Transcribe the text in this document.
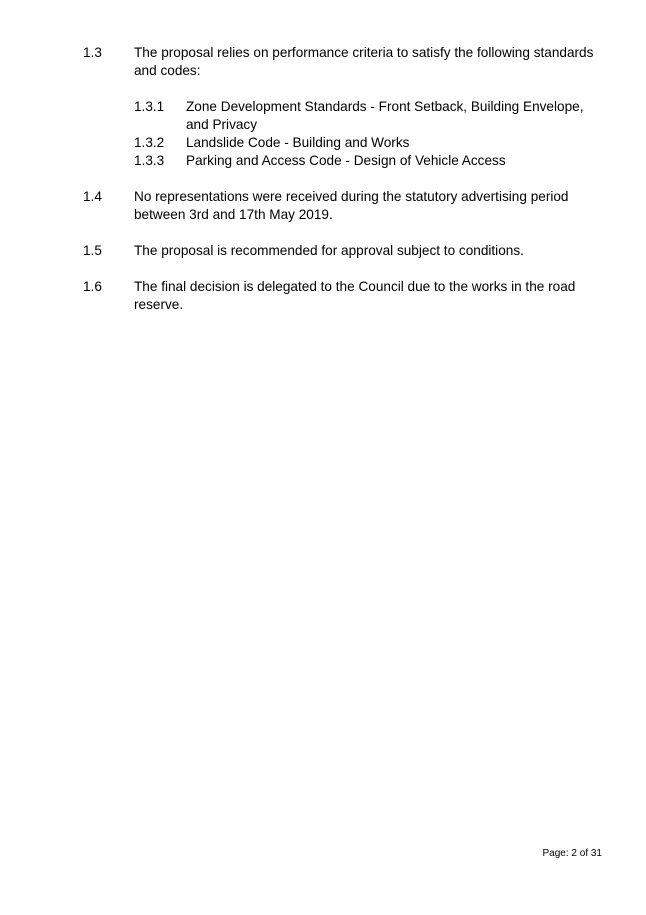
1.3 The proposal relies on performance criteria to satisfy the following standards and codes:
1.3.1 Zone Development Standards - Front Setback, Building Envelope, and Privacy
1.3.2 Landslide Code - Building and Works
1.3.3 Parking and Access Code - Design of Vehicle Access
1.4 No representations were received during the statutory advertising period between 3rd and 17th May 2019.
1.5 The proposal is recommended for approval subject to conditions.
1.6 The final decision is delegated to the Council due to the works in the road reserve.
Page: 2 of 31
